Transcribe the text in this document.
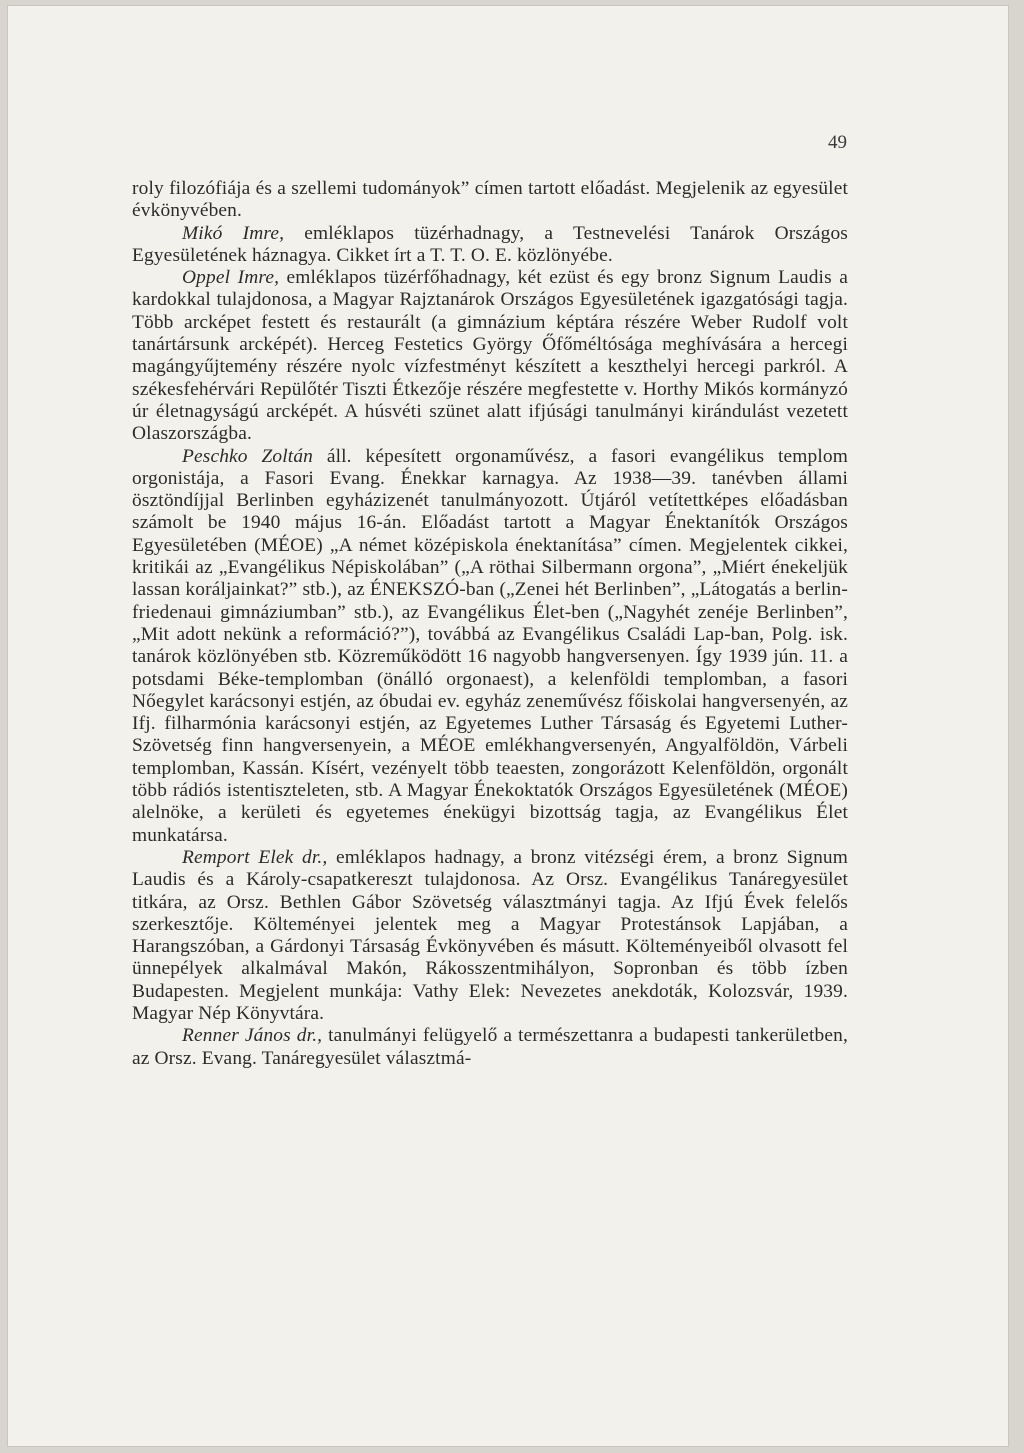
49

roly filozófiája és a szellemi tudományok” címen tartott előadást. Megjelenik az egyesület évkönyvében.

Mikó Imre, emléklapos tüzérhadnagy, a Testnevelési Tanárok Országos Egyesületének háznagya. Cikket írt a T. T. O. E. közlönyébe.

Oppel Imre, emléklapos tüzérfőhadnagy, két ezüst és egy bronz Signum Laudis a kardokkal tulajdonosa, a Magyar Rajztanárok Országos Egyesületének igazgatósági tagja. Több arcképet festett és restaurált (a gimnázium képtára részére Weber Rudolf volt tanártársunk arcképét). Herceg Festetics György Őfőméltósága meghívására a hercegi magángyűjtemény részére nyolc vízfestményt készített a keszthelyi hercegi parkról. A székesfehérvári Repülőtér Tiszti Étkezője részére megfestette v. Horthy Mikós kormányzó úr életnagyságú arcképét. A húsvéti szünet alatt ifjúsági tanulmányi kirándulást vezetett Olaszországba.

Peschko Zoltán áll. képesített orgonaművész, a fasori evangélikus templom orgonistája, a Fasori Evang. Énekkar karnagya. Az 1938—39. tanévben állami ösztöndíjjal Berlinben egyházizenét tanulmányozott. Útjáról vetítettképes előadásban számolt be 1940 május 16-án. Előadást tartott a Magyar Énektanítók Országos Egyesületében (MÉOE) „A német középiskola énektanítása” címen. Megjelentek cikkei, kritikái az „Evangélikus Népiskolában” („A röthai Silbermann orgona”, „Miért énekeljük lassan koráljainkat?” stb.), az ÉNEKSZÓ-ban („Zenei hét Berlinben”, „Látogatás a berlin-friedenaui gimnáziumban” stb.), az Evangélikus Élet-ben („Nagyhét zenéje Berlinben”, „Mit adott nekünk a reformáció?”), továbbá az Evangélikus Családi Lap-ban, Polg. isk. tanárok közlönyében stb. Közreműködött 16 nagyobb hangversenyen. Így 1939 jún. 11. a potsdami Béke-templomban (önálló orgonaest), a kelenföldi templomban, a fasori Nőegylet karácsonyi estjén, az óbudai ev. egyház zeneművész főiskolai hangversenyén, az Ifj. filharmónia karácsonyi estjén, az Egyetemes Luther Társaság és Egyetemi Luther-Szövetség finn hangversenyein, a MÉOE emlékhangversenyén, Angyalföldön, Várbeli templomban, Kassán. Kísért, vezényelt több teaesten, zongorázott Kelenföldön, orgonált több rádiós istentiszteleten, stb. A Magyar Énekoktatók Országos Egyesületének (MÉOE) alelnöke, a kerületi és egyetemes énekügyi bizottság tagja, az Evangélikus Élet munkatársa.

Remport Elek dr., emléklapos hadnagy, a bronz vitézségi érem, a bronz Signum Laudis és a Károly-csapatkereszt tulajdonosa. Az Orsz. Evangélikus Tanáregyesület titkára, az Orsz. Bethlen Gábor Szövetség választmányi tagja. Az Ifjú Évek felelős szerkesztője. Költeményei jelentek meg a Magyar Protestánsok Lapjában, a Harangszóban, a Gárdonyi Társaság Évkönyvében és másutt. Költeményeiből olvasott fel ünnepélyek alkalmával Makón, Rákosszentmihályon, Sopronban és több ízben Budapesten. Megjelent munkája: Vathy Elek: Nevezetes anekdoták, Kolozsvár, 1939. Magyar Nép Könyvtára.

Renner János dr., tanulmányi felügyelő a természettanra a budapesti tankerületben, az Orsz. Evang. Tanáregyesület választmá-
